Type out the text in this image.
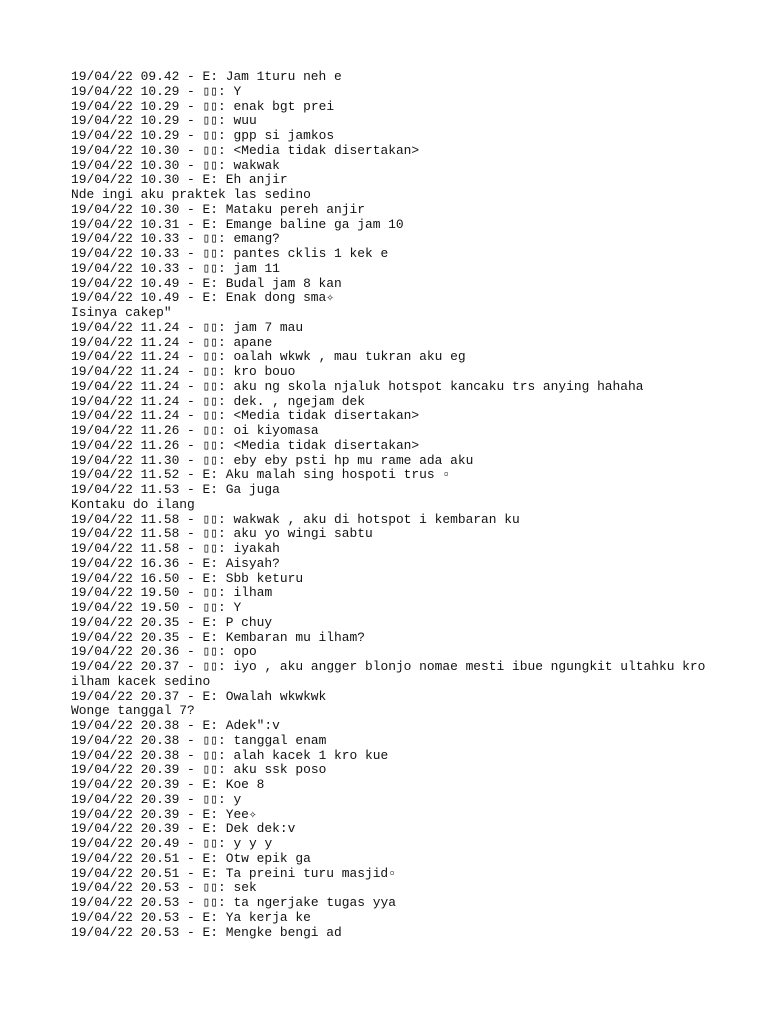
19/04/22 09.42 - E: Jam 1turu neh e
19/04/22 10.29 - ▯▯: Y
19/04/22 10.29 - ▯▯: enak bgt prei
19/04/22 10.29 - ▯▯: wuu
19/04/22 10.29 - ▯▯: gpp si jamkos
19/04/22 10.30 - ▯▯: <Media tidak disertakan>
19/04/22 10.30 - ▯▯: wakwak
19/04/22 10.30 - E: Eh anjir
Nde ingi aku praktek las sedino
19/04/22 10.30 - E: Mataku pereh anjir
19/04/22 10.31 - E: Emange baline ga jam 10
19/04/22 10.33 - ▯▯: emang?
19/04/22 10.33 - ▯▯: pantes cklis 1 kek e
19/04/22 10.33 - ▯▯: jam 11
19/04/22 10.49 - E: Budal jam 8 kan
19/04/22 10.49 - E: Enak dong sma✧
Isinya cakep"
19/04/22 11.24 - ▯▯: jam 7 mau
19/04/22 11.24 - ▯▯: apane
19/04/22 11.24 - ▯▯: oalah wkwk , mau tukran aku eg
19/04/22 11.24 - ▯▯: kro bouo
19/04/22 11.24 - ▯▯: aku ng skola njaluk hotspot kancaku trs anying hahaha
19/04/22 11.24 - ▯▯: dek. , ngejam dek
19/04/22 11.24 - ▯▯: <Media tidak disertakan>
19/04/22 11.26 - ▯▯: oi kiyomasa
19/04/22 11.26 - ▯▯: <Media tidak disertakan>
19/04/22 11.30 - ▯▯: eby eby psti hp mu rame ada aku
19/04/22 11.52 - E: Aku malah sing hospoti trus ▫
19/04/22 11.53 - E: Ga juga
Kontaku do ilang
19/04/22 11.58 - ▯▯: wakwak , aku di hotspot i kembaran ku
19/04/22 11.58 - ▯▯: aku yo wingi sabtu
19/04/22 11.58 - ▯▯: iyakah
19/04/22 16.36 - E: Aisyah?
19/04/22 16.50 - E: Sbb keturu
19/04/22 19.50 - ▯▯: ilham
19/04/22 19.50 - ▯▯: Y
19/04/22 20.35 - E: P chuy
19/04/22 20.35 - E: Kembaran mu ilham?
19/04/22 20.36 - ▯▯: opo
19/04/22 20.37 - ▯▯: iyo , aku angger blonjo nomae mesti ibue ngungkit ultahku kro
ilham kacek sedino
19/04/22 20.37 - E: Owalah wkwkwk
Wonge tanggal 7?
19/04/22 20.38 - E: Adek":v
19/04/22 20.38 - ▯▯: tanggal enam
19/04/22 20.38 - ▯▯: alah kacek 1 kro kue
19/04/22 20.39 - ▯▯: aku ssk poso
19/04/22 20.39 - E: Koe 8
19/04/22 20.39 - ▯▯: y
19/04/22 20.39 - E: Yee✧
19/04/22 20.39 - E: Dek dek:v
19/04/22 20.49 - ▯▯: y y y
19/04/22 20.51 - E: Otw epik ga
19/04/22 20.51 - E: Ta preini turu masjid▫
19/04/22 20.53 - ▯▯: sek
19/04/22 20.53 - ▯▯: ta ngerjake tugas yya
19/04/22 20.53 - E: Ya kerja ke
19/04/22 20.53 - E: Mengke bengi ad
